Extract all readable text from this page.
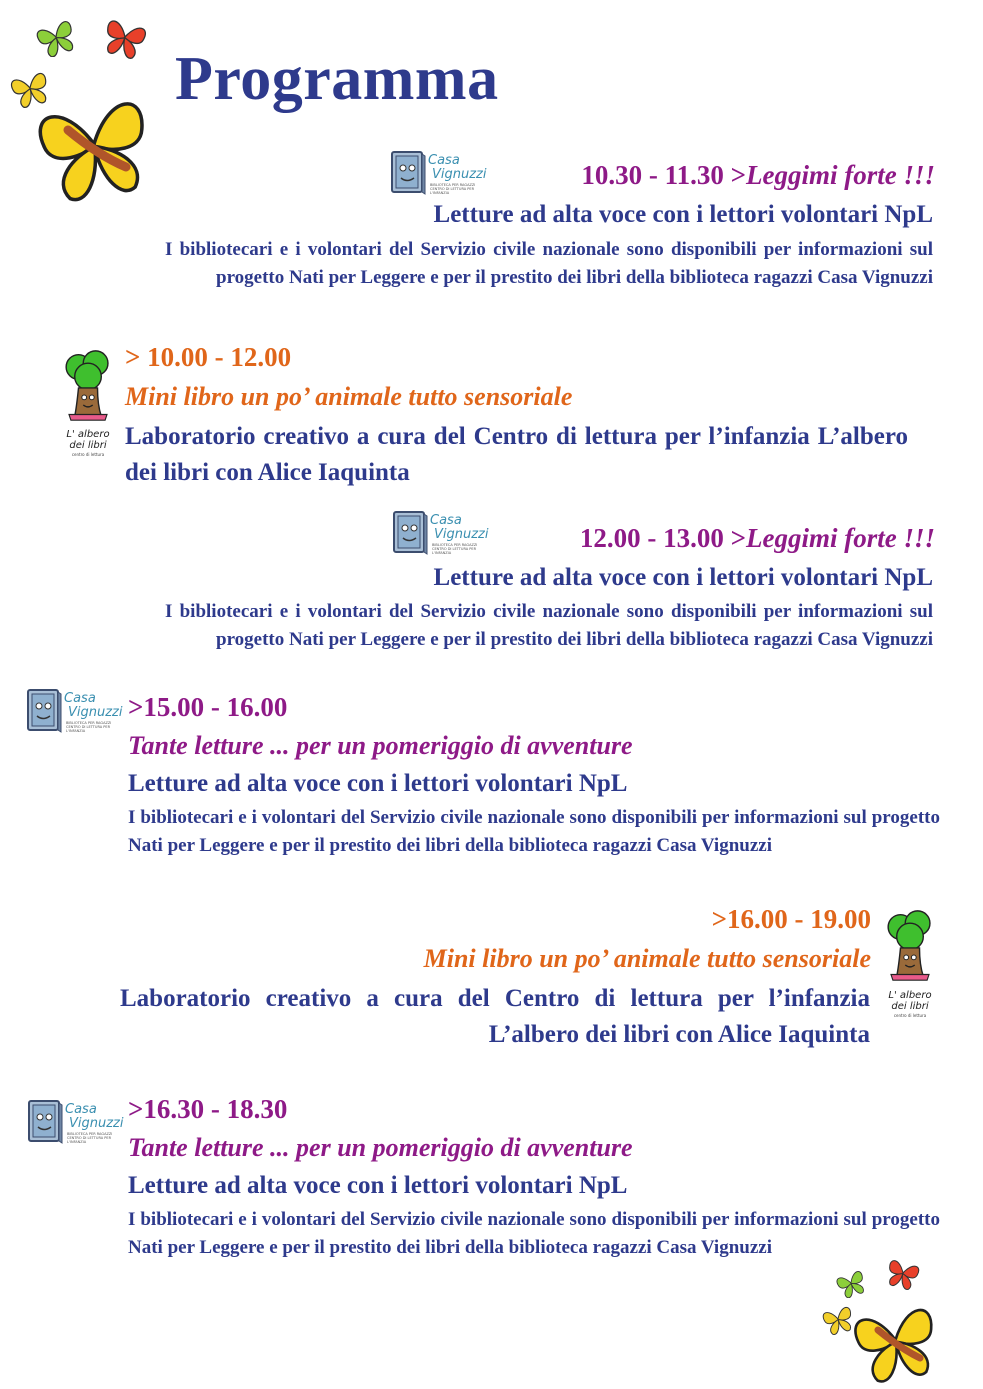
Programma
Casa
Vignuzzi
BIBLIOTECA PER RAGAZZI CENTRO DI LETTURA PER L'INFANZIA
10.30 - 11.30 >Leggimi forte !!!
Letture ad alta voce con i lettori volontari NpL
I bibliotecari e i volontari del Servizio civile nazionale sono disponibili per informazioni sul progetto Nati per Leggere e per il prestito dei libri della biblioteca ragazzi Casa Vignuzzi
L' albero
dei libri
centro di lettura
> 10.00 - 12.00
Mini libro un po’ animale tutto sensoriale
Laboratorio creativo a cura del Centro di lettura per l’infanzia L’albero dei libri con Alice Iaquinta
Casa
Vignuzzi
BIBLIOTECA PER RAGAZZI CENTRO DI LETTURA PER L'INFANZIA	12.00 - 13.00 >Leggimi forte !!!
Letture ad alta voce con i lettori volontari NpL
I bibliotecari e i volontari del Servizio civile nazionale sono disponibili per informazioni sul progetto Nati per Leggere e per il prestito dei libri della biblioteca ragazzi Casa Vignuzzi
Casa
Vignuzzi
BIBLIOTECA PER RAGAZZI CENTRO DI LETTURA PER L'INFANZIA
>15.00 - 16.00
Tante letture ... per un pomeriggio di avventure
Letture ad alta voce con i lettori volontari NpL
I bibliotecari e i volontari del Servizio civile nazionale sono disponibili per informazioni sul progetto Nati per Leggere e per il prestito dei libri della biblioteca ragazzi Casa Vignuzzi
>16.00 - 19.00
Mini libro un po’ animale tutto sensoriale
Laboratorio creativo a cura del Centro di lettura per l’infanzia L’albero dei libri con Alice Iaquinta
L' albero
dei libri
centro di lettura
Casa
Vignuzzi
BIBLIOTECA PER RAGAZZI CENTRO DI LETTURA PER L'INFANZIA
>16.30 - 18.30
Tante letture ... per un pomeriggio di avventure
Letture ad alta voce con i lettori volontari NpL
I bibliotecari e i volontari del Servizio civile nazionale sono disponibili per informazioni sul progetto Nati per Leggere e per il prestito dei libri della biblioteca ragazzi Casa Vignuzzi
